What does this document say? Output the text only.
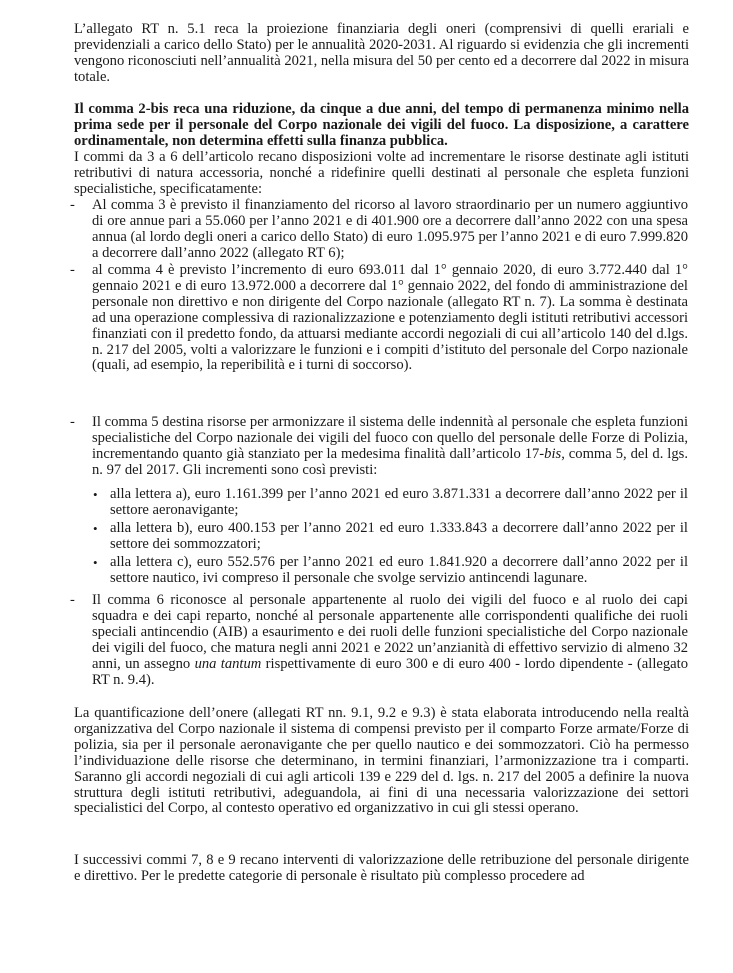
L’allegato RT n. 5.1 reca la proiezione finanziaria degli oneri (comprensivi di quelli erariali e previdenziali a carico dello Stato) per le annualità 2020-2031. Al riguardo si evidenzia che gli incrementi vengono riconosciuti nell’annualità 2021, nella misura del 50 per cento ed a decorrere dal 2022 in misura totale.
Il comma 2-bis reca una riduzione, da cinque a due anni, del tempo di permanenza minimo nella prima sede per il personale del Corpo nazionale dei vigili del fuoco. La disposizione, a carattere ordinamentale, non determina effetti sulla finanza pubblica.
I commi da 3 a 6 dell’articolo recano disposizioni volte ad incrementare le risorse destinate agli istituti retributivi di natura accessoria, nonché a ridefinire quelli destinati al personale che espleta funzioni specialistiche, specificatamente:
- Al comma 3 è previsto il finanziamento del ricorso al lavoro straordinario per un numero aggiuntivo di ore annue pari a 55.060 per l’anno 2021 e di 401.900 ore a decorrere dall’anno 2022 con una spesa annua (al lordo degli oneri a carico dello Stato) di euro 1.095.975 per l’anno 2021 e di euro 7.999.820 a decorrere dall’anno 2022 (allegato RT 6);
- al comma 4 è previsto l’incremento di euro 693.011 dal 1° gennaio 2020, di euro 3.772.440 dal 1° gennaio 2021 e di euro 13.972.000 a decorrere dal 1° gennaio 2022, del fondo di amministrazione del personale non direttivo e non dirigente del Corpo nazionale (allegato RT n. 7). La somma è destinata ad una operazione complessiva di razionalizzazione e potenziamento degli istituti retributivi accessori finanziati con il predetto fondo, da attuarsi mediante accordi negoziali di cui all’articolo 140 del d.lgs. n. 217 del 2005, volti a valorizzare le funzioni e i compiti d’istituto del personale del Corpo nazionale (quali, ad esempio, la reperibilità e i turni di soccorso).
- Il comma 5 destina risorse per armonizzare il sistema delle indennità al personale che espleta funzioni specialistiche del Corpo nazionale dei vigili del fuoco con quello del personale delle Forze di Polizia, incrementando quanto già stanziato per la medesima finalità dall’articolo 17-bis, comma 5, del d. lgs. n. 97 del 2017. Gli incrementi sono così previsti:
• alla lettera a), euro 1.161.399 per l’anno 2021 ed euro 3.871.331 a decorrere dall’anno 2022 per il settore aeronavigante;
• alla lettera b), euro 400.153 per l’anno 2021 ed euro 1.333.843 a decorrere dall’anno 2022 per il settore dei sommozzatori;
• alla lettera c), euro 552.576 per l’anno 2021 ed euro 1.841.920 a decorrere dall’anno 2022 per il settore nautico, ivi compreso il personale che svolge servizio antincendi lagunare.
- Il comma 6 riconosce al personale appartenente al ruolo dei vigili del fuoco e al ruolo dei capi squadra e dei capi reparto, nonché al personale appartenente alle corrispondenti qualifiche dei ruoli speciali antincendio (AIB) a esaurimento e dei ruoli delle funzioni specialistiche del Corpo nazionale dei vigili del fuoco, che matura negli anni 2021 e 2022 un’anzianità di effettivo servizio di almeno 32 anni, un assegno una tantum rispettivamente di euro 300 e di euro 400 - lordo dipendente - (allegato RT n. 9.4).
La quantificazione dell’onere (allegati RT nn. 9.1, 9.2 e 9.3) è stata elaborata introducendo nella realtà organizzativa del Corpo nazionale il sistema di compensi previsto per il comparto Forze armate/Forze di polizia, sia per il personale aeronavigante che per quello nautico e dei sommozzatori. Ciò ha permesso l’individuazione delle risorse che determinano, in termini finanziari, l’armonizzazione tra i comparti. Saranno gli accordi negoziali di cui agli articoli 139 e 229 del d. lgs. n. 217 del 2005 a definire la nuova struttura degli istituti retributivi, adeguandola, ai fini di una necessaria valorizzazione dei settori specialistici del Corpo, al contesto operativo ed organizzativo in cui gli stessi operano.
I successivi commi 7, 8 e 9 recano interventi di valorizzazione delle retribuzione del personale dirigente e direttivo. Per le predette categorie di personale è risultato più complesso procedere ad
